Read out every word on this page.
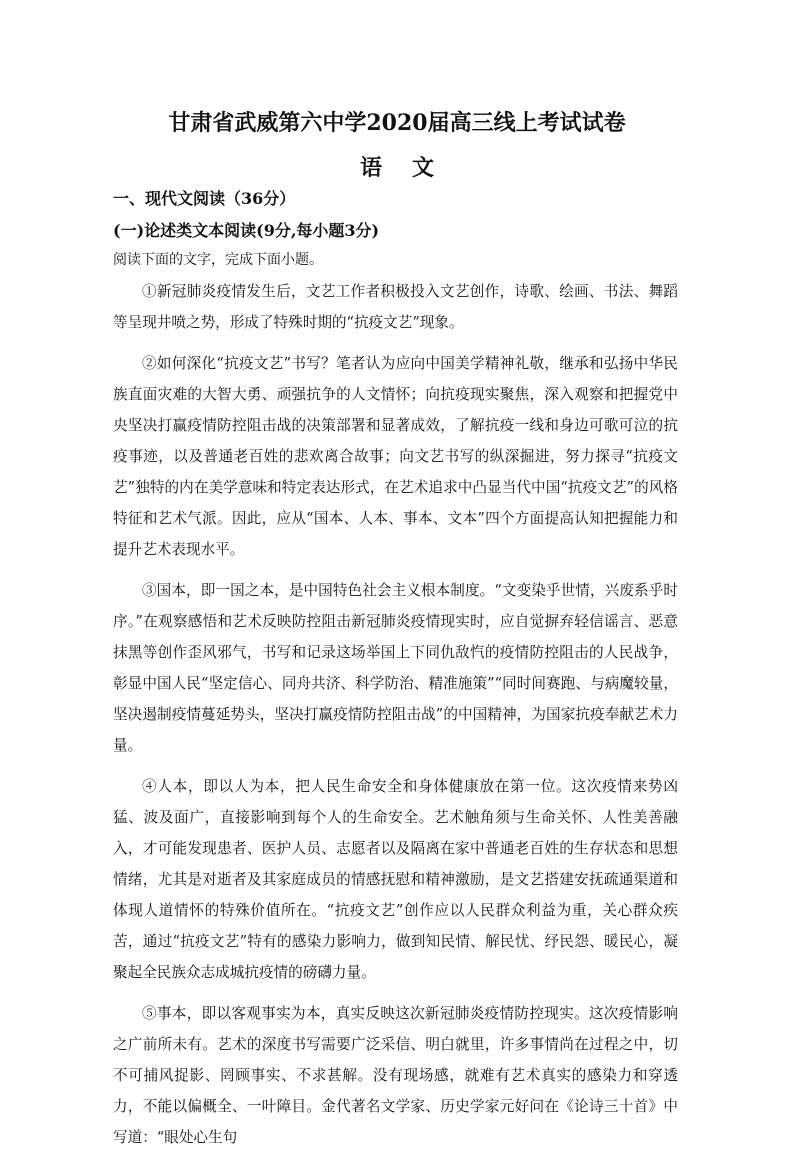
甘肃省武威第六中学2020届高三线上考试试卷
语文
一、现代文阅读（36分）
(一)论述类文本阅读(9分,每小题3分)
阅读下面的文字，完成下面小题。

①新冠肺炎疫情发生后，文艺工作者积极投入文艺创作，诗歌、绘画、书法、舞蹈等呈现井喷之势，形成了特殊时期的“抗疫文艺”现象。

②如何深化“抗疫文艺”书写？笔者认为应向中国美学精神礼敬，继承和弘扬中华民族直面灾难的大智大勇、顽强抗争的人文情怀；向抗疫现实聚焦，深入观察和把握党中央坚决打赢疫情防控阻击战的决策部署和显著成效，了解抗疫一线和身边可歌可泣的抗疫事迹，以及普通老百姓的悲欢离合故事；向文艺书写的纵深掘进，努力探寻“抗疫文艺”独特的内在美学意味和特定表达形式，在艺术追求中凸显当代中国“抗疫文艺”的风格特征和艺术气派。因此，应从“国本、人本、事本、文本”四个方面提高认知把握能力和提升艺术表现水平。

③国本，即一国之本，是中国特色社会主义根本制度。“文变染乎世情，兴废系乎时序。”在观察感悟和艺术反映防控阻击新冠肺炎疫情现实时，应自觉摒弃轻信谣言、恶意抹黑等创作歪风邪气，书写和记录这场举国上下同仇敌忾的疫情防控阻击的人民战争，彰显中国人民“坚定信心、同舟共济、科学防治、精准施策”“同时间赛跑、与病魔较量，坚决遏制疫情蔓延势头，坚决打赢疫情防控阻击战”的中国精神，为国家抗疫奉献艺术力量。

④人本，即以人为本，把人民生命安全和身体健康放在第一位。这次疫情来势凶猛、波及面广，直接影响到每个人的生命安全。艺术触角须与生命关怀、人性美善融入，才可能发现患者、医护人员、志愿者以及隔离在家中普通老百姓的生存状态和思想情绪，尤其是对逝者及其家庭成员的情感抚慰和精神激励，是文艺搭建安抚疏通渠道和体现人道情怀的特殊价值所在。“抗疫文艺”创作应以人民群众利益为重，关心群众疾苦，通过“抗疫文艺”特有的感染力影响力，做到知民情、解民忧、纾民怨、暖民心，凝聚起全民族众志成城抗疫情的磅礴力量。

⑤事本，即以客观事实为本，真实反映这次新冠肺炎疫情防控现实。这次疫情影响之广前所未有。艺术的深度书写需要广泛采信、明白就里，许多事情尚在过程之中，切不可捕风捉影、罔顾事实、不求甚解。没有现场感，就难有艺术真实的感染力和穿透力，不能以偏概全、一叶障目。金代著名文学家、历史学家元好问在《论诗三十首》中写道：“眼处心生句
